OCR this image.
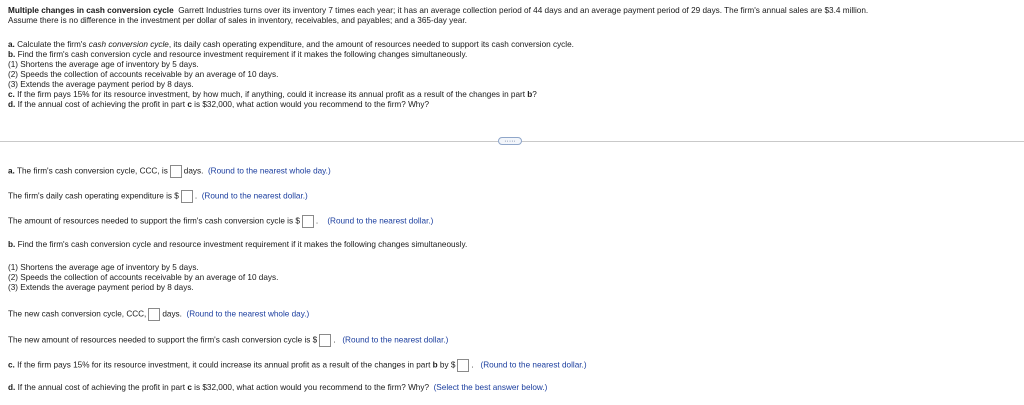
Multiple changes in cash conversion cycle Garrett Industries turns over its inventory 7 times each year; it has an average collection period of 44 days and an average payment period of 29 days. The firm's annual sales are $3.4 million.
Assume there is no difference in the investment per dollar of sales in inventory, receivables, and payables; and a 365-day year.
a. Calculate the firm's cash conversion cycle, its daily cash operating expenditure, and the amount of resources needed to support its cash conversion cycle.
b. Find the firm's cash conversion cycle and resource investment requirement if it makes the following changes simultaneously.
(1) Shortens the average age of inventory by 5 days.
(2) Speeds the collection of accounts receivable by an average of 10 days.
(3) Extends the average payment period by 8 days.
c. If the firm pays 15% for its resource investment, by how much, if anything, could it increase its annual profit as a result of the changes in part b?
d. If the annual cost of achieving the profit in part c is $32,000, what action would you recommend to the firm? Why?
·····
a. The firm's cash conversion cycle, CCC, is days. (Round to the nearest whole day.)
The firm's daily cash operating expenditure is $ . (Round to the nearest dollar.)
The amount of resources needed to support the firm's cash conversion cycle is $ . (Round to the nearest dollar.)
b. Find the firm's cash conversion cycle and resource investment requirement if it makes the following changes simultaneously.
(1) Shortens the average age of inventory by 5 days.
(2) Speeds the collection of accounts receivable by an average of 10 days.
(3) Extends the average payment period by 8 days.
The new cash conversion cycle, CCC, days. (Round to the nearest whole day.)
The new amount of resources needed to support the firm's cash conversion cycle is $ . (Round to the nearest dollar.)
c. If the firm pays 15% for its resource investment, it could increase its annual profit as a result of the changes in part b by $ . (Round to the nearest dollar.)
d. If the annual cost of achieving the profit in part c is $32,000, what action would you recommend to the firm? Why? (Select the best answer below.)
